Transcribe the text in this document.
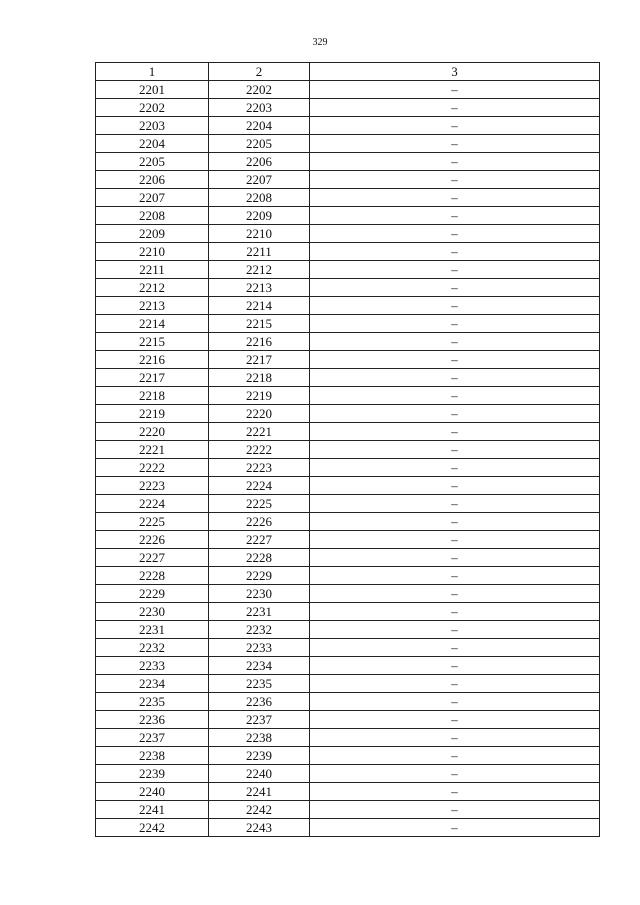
329
1	2	3
2201	2202	–
2202	2203	–
2203	2204	–
2204	2205	–
2205	2206	–
2206	2207	–
2207	2208	–
2208	2209	–
2209	2210	–
2210	2211	–
2211	2212	–
2212	2213	–
2213	2214	–
2214	2215	–
2215	2216	–
2216	2217	–
2217	2218	–
2218	2219	–
2219	2220	–
2220	2221	–
2221	2222	–
2222	2223	–
2223	2224	–
2224	2225	–
2225	2226	–
2226	2227	–
2227	2228	–
2228	2229	–
2229	2230	–
2230	2231	–
2231	2232	–
2232	2233	–
2233	2234	–
2234	2235	–
2235	2236	–
2236	2237	–
2237	2238	–
2238	2239	–
2239	2240	–
2240	2241	–
2241	2242	–
2242	2243	–
